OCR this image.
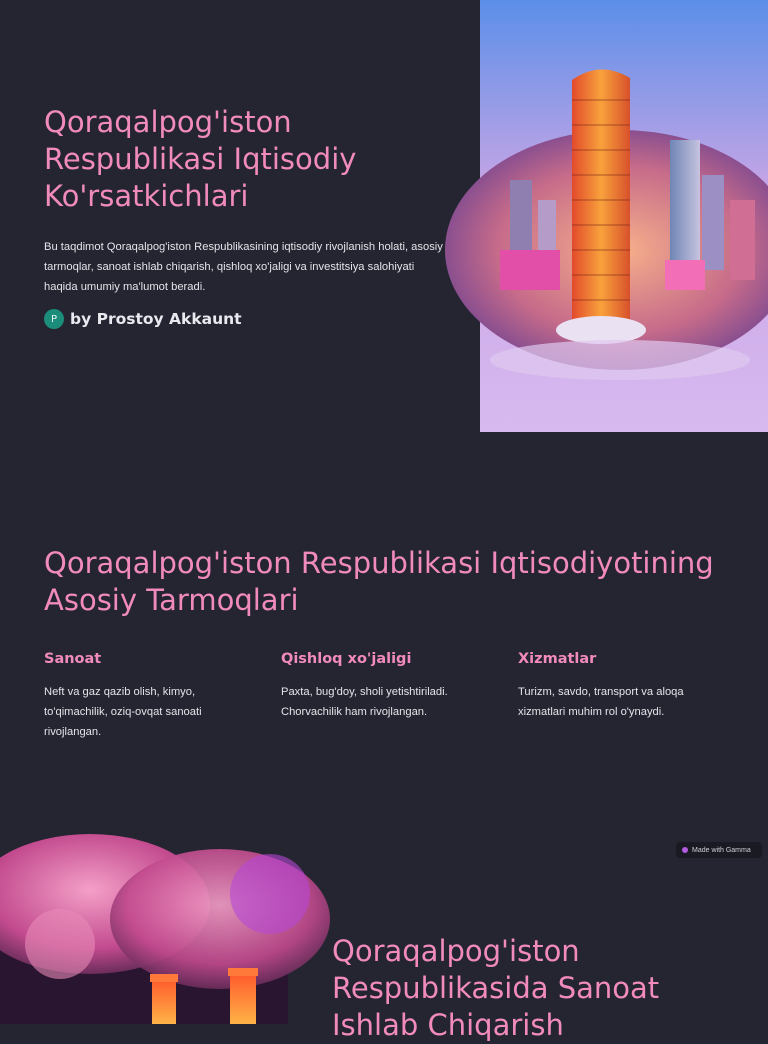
Qoraqalpog'iston Respublikasi Iqtisodiy Ko'rsatkichlari

Bu taqdimot Qoraqalpog'iston Respublikasining iqtisodiy rivojlanish holati, asosiy tarmoqlar, sanoat ishlab chiqarish, qishloq xo'jaligi va investitsiya salohiyati haqida umumiy ma'lumot beradi.

P by Prostoy Akkaunt
Qoraqalpog'iston Respublikasi Iqtisodiyotining Asosiy Tarmoqlari
Sanoat

Neft va gaz qazib olish, kimyo, to'qimachilik, oziq-ovqat sanoati rivojlangan.

Qishloq xo'jaligi

Paxta, bug'doy, sholi yetishtiriladi. Chorvachilik ham rivojlangan.

Xizmatlar

Turizm, savdo, transport va aloqa xizmatlari muhim rol o'ynaydi.

Made with Gamma
Qoraqalpog'iston Respublikasida Sanoat Ishlab Chiqarish
